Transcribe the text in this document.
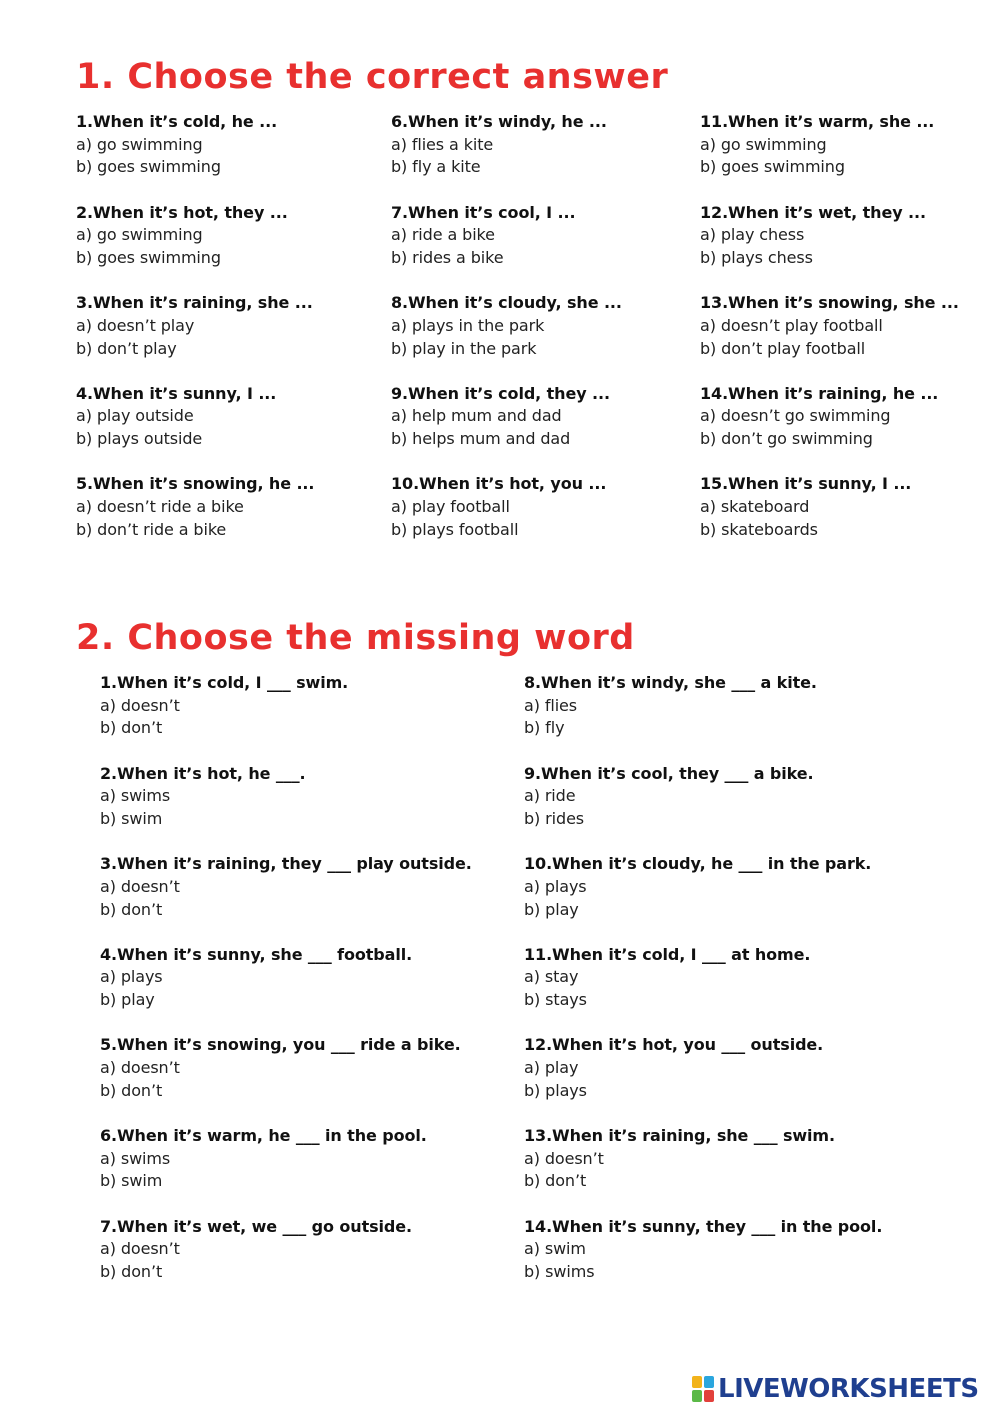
1. Choose the correct answer
1.When it’s cold, he ...
a) go swimming
b) goes swimming
2.When it’s hot, they ...
a) go swimming
b) goes swimming
3.When it’s raining, she ...
a) doesn’t play
b) don’t play
4.When it’s sunny, I ...
a) play outside
b) plays outside
5.When it’s snowing, he ...
a) doesn’t ride a bike
b) don’t ride a bike
6.When it’s windy, he ...
a) flies a kite
b) fly a kite
7.When it’s cool, I ...
a) ride a bike
b) rides a bike
8.When it’s cloudy, she ...
a) plays in the park
b) play in the park
9.When it’s cold, they ...
a) help mum and dad
b) helps mum and dad
10.When it’s hot, you ...
a) play football
b) plays football
11.When it’s warm, she ...
a) go swimming
b) goes swimming
12.When it’s wet, they ...
a) play chess
b) plays chess
13.When it’s snowing, she ...
a) doesn’t play football
b) don’t play football
14.When it’s raining, he ...
a) doesn’t go swimming
b) don’t go swimming
15.When it’s sunny, I ...
a) skateboard
b) skateboards
2. Choose the missing word
1.When it’s cold, I ___ swim.
a) doesn’t
b) don’t
2.When it’s hot, he ___.
a) swims
b) swim
3.When it’s raining, they ___ play outside.
a) doesn’t
b) don’t
4.When it’s sunny, she ___ football.
a) plays
b) play
5.When it’s snowing, you ___ ride a bike.
a) doesn’t
b) don’t
6.When it’s warm, he ___ in the pool.
a) swims
b) swim
7.When it’s wet, we ___ go outside.
a) doesn’t
b) don’t
8.When it’s windy, she ___ a kite.
a) flies
b) fly
9.When it’s cool, they ___ a bike.
a) ride
b) rides
10.When it’s cloudy, he ___ in the park.
a) plays
b) play
11.When it’s cold, I ___ at home.
a) stay
b) stays
12.When it’s hot, you ___ outside.
a) play
b) plays
13.When it’s raining, she ___ swim.
a) doesn’t
b) don’t
14.When it’s sunny, they ___ in the pool.
a) swim
b) swims
LIVEWORKSHEETS
